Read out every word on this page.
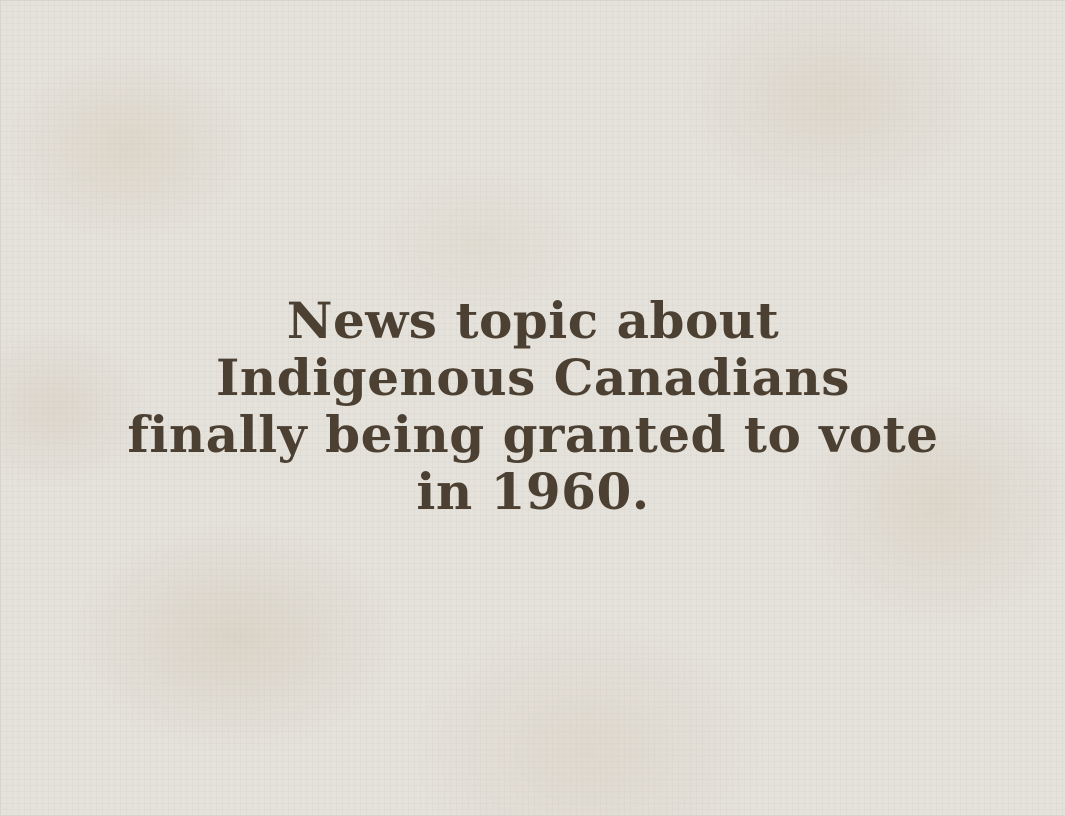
News topic about
Indigenous Canadians
finally being granted to vote
in 1960.
